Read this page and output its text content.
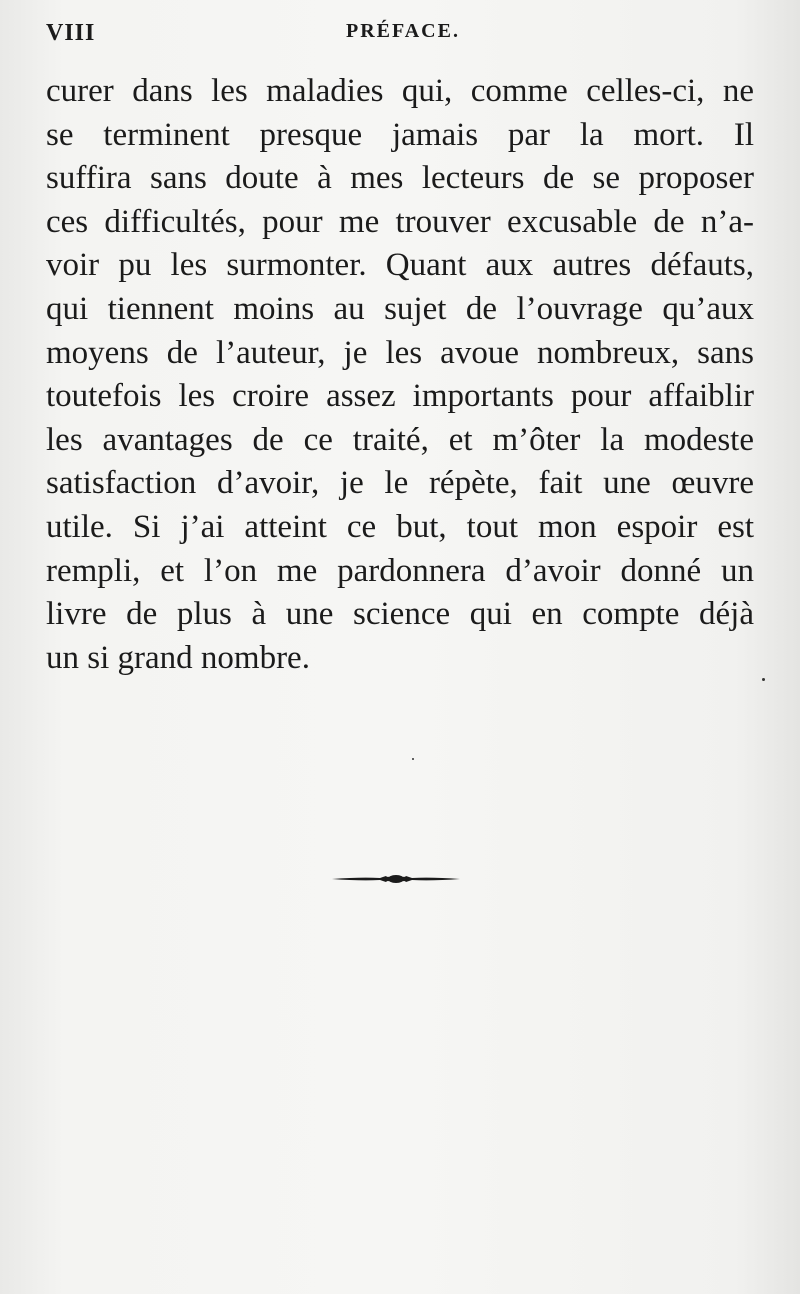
VIII	PRÉFACE.

curer dans les maladies qui, comme celles-ci, ne
se terminent presque jamais par la mort. Il
suffira sans doute à mes lecteurs de se proposer
ces difficultés, pour me trouver excusable de n’a-
voir pu les surmonter. Quant aux autres défauts,
qui tiennent moins au sujet de l’ouvrage qu’aux
moyens de l’auteur, je les avoue nombreux, sans
toutefois les croire assez importants pour affaiblir
les avantages de ce traité, et m’ôter la modeste
satisfaction d’avoir, je le répète, fait une œuvre
utile. Si j’ai atteint ce but, tout mon espoir est
rempli, et l’on me pardonnera d’avoir donné un
livre de plus à une science qui en compte déjà
un si grand nombre.
